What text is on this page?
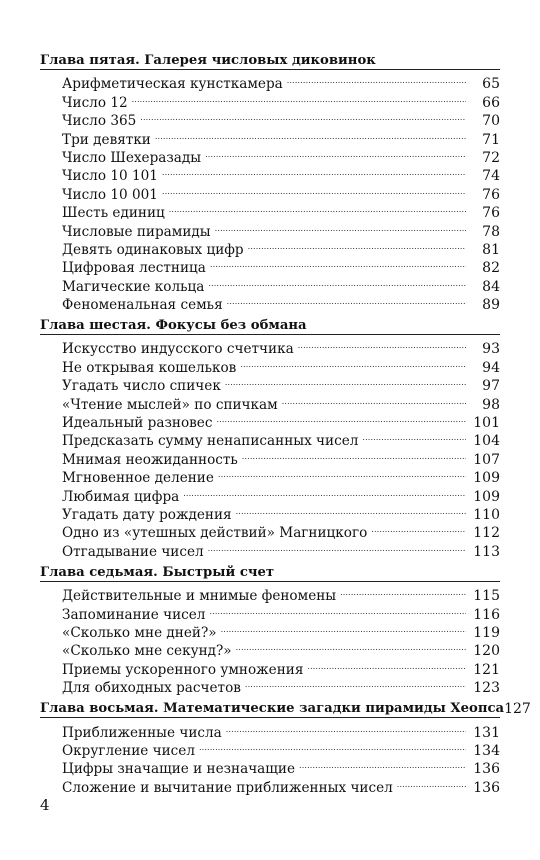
Глава пятая. Галерея числовых диковинок
Арифметическая кунсткамера . . .	65
Число 12 . . .	66
Число 365 . . .	70
Три девятки . . .	71
Число Шехеразады . . .	72
Число 10 101 . . .	74
Число 10 001 . . .	76
Шесть единиц . . .	76
Числовые пирамиды . . .	78
Девять одинаковых цифр . . .	81
Цифровая лестница . . .	82
Магические кольца . . .	84
Феноменальная семья . . .	89
Глава шестая. Фокусы без обмана
Искусство индусского счетчика . . .	93
Не открывая кошельков . . .	94
Угадать число спичек . . .	97
«Чтение мыслей» по спичкам . . .	98
Идеальный разновес . . .	101
Предсказать сумму ненаписанных чисел . . .	104
Мнимая неожиданность . . .	107
Мгновенное деление . . .	109
Любимая цифра . . .	109
Угадать дату рождения . . .	110
Одно из «утешных действий» Магницкого . . .	112
Отгадывание чисел . . .	113
Глава седьмая. Быстрый счет
Действительные и мнимые феномены . . .	115
Запоминание чисел . . .	116
«Сколько мне дней?» . . .	119
«Сколько мне секунд?» . . .	120
Приемы ускоренного умножения . . .	121
Для обиходных расчетов . . .	123
Глава восьмая. Математические загадки пирамиды Хеопса 127
Приближенные числа . . .	131
Округление чисел . . .	134
Цифры значащие и незначащие . . .	136
Сложение и вычитание приближенных чисел . . .	136
4
